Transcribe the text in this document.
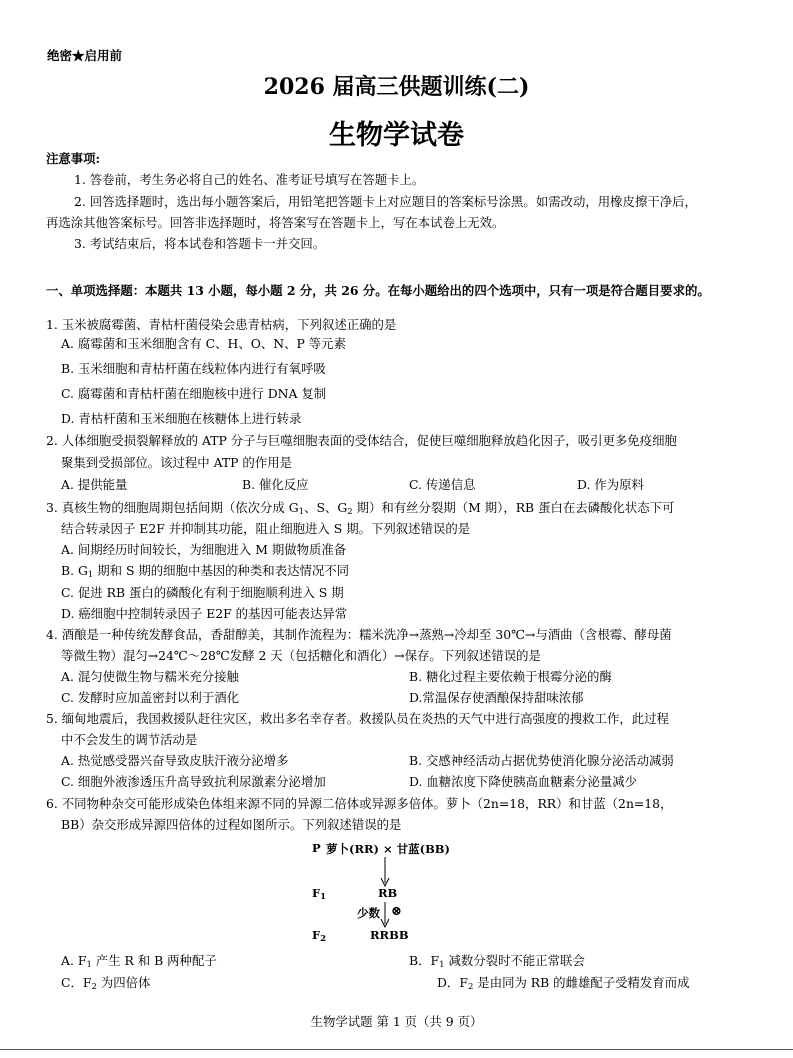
绝密★启用前
2026 届高三供题训练(二)
生物学试卷
注意事项:
1. 答卷前，考生务必将自己的姓名、准考证号填写在答题卡上。
2. 回答选择题时，选出每小题答案后，用铅笔把答题卡上对应题目的答案标号涂黑。如需改动，用橡皮擦干净后，
再选涂其他答案标号。回答非选择题时，将答案写在答题卡上，写在本试卷上无效。
3. 考试结束后，将本试卷和答题卡一并交回。
一、单项选择题：本题共 13 小题，每小题 2 分，共 26 分。在每小题给出的四个选项中，只有一项是符合题目要求的。
1. 玉米被腐霉菌、青枯杆菌侵染会患青枯病，下列叙述正确的是
A. 腐霉菌和玉米细胞含有 C、H、O、N、P 等元素
B. 玉米细胞和青枯杆菌在线粒体内进行有氧呼吸
C. 腐霉菌和青枯杆菌在细胞核中进行 DNA 复制
D. 青枯杆菌和玉米细胞在核糖体上进行转录
2. 人体细胞受损裂解释放的 ATP 分子与巨噬细胞表面的受体结合，促使巨噬细胞释放趋化因子，吸引更多免疫细胞
聚集到受损部位。该过程中 ATP 的作用是
A. 提供能量	B. 催化反应	C. 传递信息	D. 作为原料
3. 真核生物的细胞周期包括间期（依次分成 $G_1$、S、$G_2$ 期）和有丝分裂期（M 期），RB 蛋白在去磷酸化状态下可
结合转录因子 E2F 并抑制其功能，阻止细胞进入 S 期。下列叙述错误的是
A. 间期经历时间较长，为细胞进入 M 期做物质准备
B. $G_1$ 期和 S 期的细胞中基因的种类和表达情况不同
C. 促进 RB 蛋白的磷酸化有利于细胞顺利进入 S 期
D. 癌细胞中控制转录因子 E2F 的基因可能表达异常
4. 酒酿是一种传统发酵食品，香甜醇美，其制作流程为：糯米洗净→蒸熟→冷却至 30℃→与酒曲（含根霉、酵母菌
等微生物）混匀→24℃～28℃发酵 2 天（包括糖化和酒化）→保存。下列叙述错误的是
A. 混匀使微生物与糯米充分接触	B. 糖化过程主要依赖于根霉分泌的酶
C. 发酵时应加盖密封以利于酒化	D.常温保存使酒酿保持甜味浓郁
5. 缅甸地震后，我国救援队赶往灾区，救出多名幸存者。救援队员在炎热的天气中进行高强度的搜救工作，此过程
中不会发生的调节活动是
A. 热觉感受器兴奋导致皮肤汗液分泌增多	B. 交感神经活动占据优势使消化腺分泌活动减弱
C. 细胞外液渗透压升高导致抗利尿激素分泌增加	D. 血糖浓度下降使胰高血糖素分泌量减少
6. 不同物种杂交可能形成染色体组来源不同的异源二倍体或异源多倍体。萝卜（2n=18，RR）和甘蓝（2n=18，
BB）杂交形成异源四倍体的过程如图所示。下列叙述错误的是
P 萝卜(RR) × 甘蓝(BB)
$F_1$	RB
少数 ⊗
$F_2$	RRBB
A. $F_1$ 产生 R 和 B 两种配子	B．$F_1$ 减数分裂时不能正常联会
C．$F_2$ 为四倍体	D．$F_2$ 是由同为 RB 的雌雄配子受精发育而成
生物学试题 第 1 页（共 9 页）
